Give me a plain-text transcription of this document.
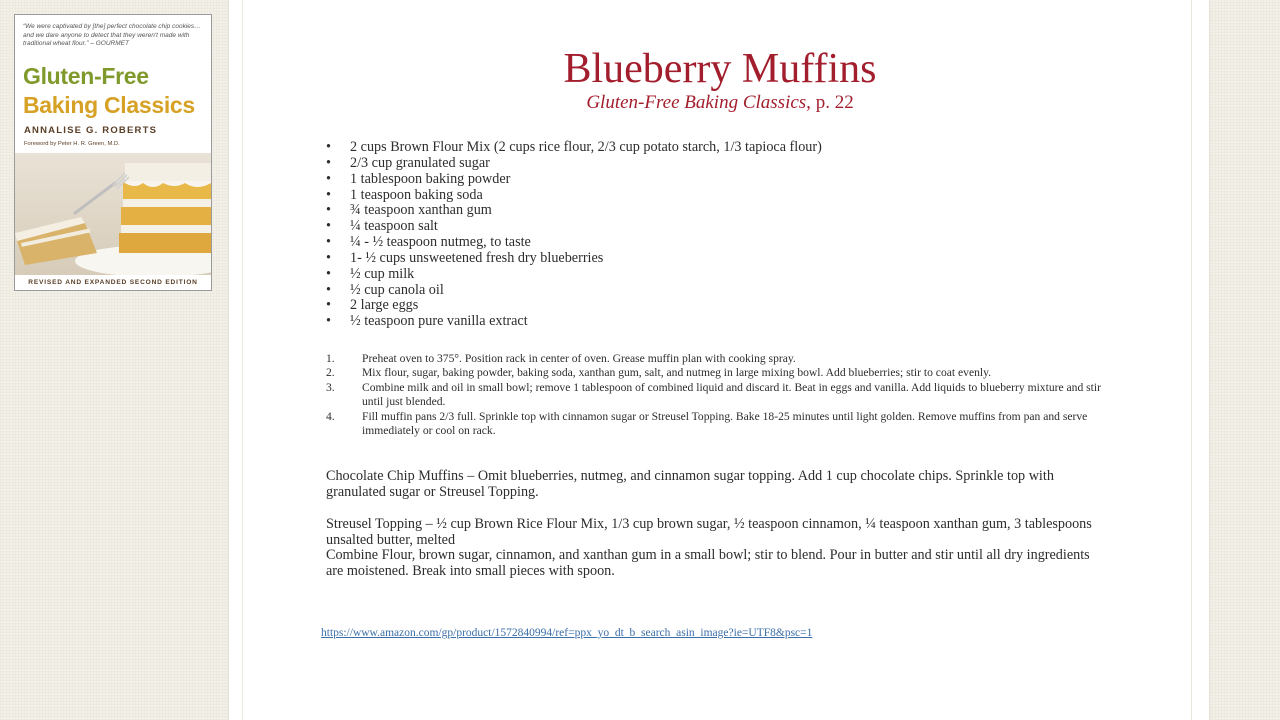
“We were captivated by [the] perfect chocolate chip cookies… and we dare anyone to detect that they weren't made with traditional wheat flour.” – GOURMET
Gluten-Free
Baking Classics
ANNALISE G. ROBERTS
Foreword by Peter H. R. Green, M.D.
REVISED AND EXPANDED SECOND EDITION
Blueberry Muffins
Gluten-Free Baking Classics, p. 22
• 2 cups Brown Flour Mix (2 cups rice flour, 2/3 cup potato starch, 1/3 tapioca flour)
• 2/3 cup granulated sugar
• 1 tablespoon baking powder
• 1 teaspoon baking soda
• ¾ teaspoon xanthan gum
• ¼ teaspoon salt
• ¼ - ½ teaspoon nutmeg, to taste
• 1- ½ cups unsweetened fresh dry blueberries
• ½ cup milk
• ½ cup canola oil
• 2 large eggs
• ½ teaspoon pure vanilla extract
1. Preheat oven to 375°. Position rack in center of oven. Grease muffin plan with cooking spray.
2. Mix flour, sugar, baking powder, baking soda, xanthan gum, salt, and nutmeg in large mixing bowl. Add blueberries; stir to coat evenly.
3. Combine milk and oil in small bowl; remove 1 tablespoon of combined liquid and discard it. Beat in eggs and vanilla. Add liquids to blueberry mixture and stir until just blended.
4. Fill muffin pans 2/3 full. Sprinkle top with cinnamon sugar or Streusel Topping. Bake 18-25 minutes until light golden. Remove muffins from pan and serve immediately or cool on rack.
Chocolate Chip Muffins – Omit blueberries, nutmeg, and cinnamon sugar topping. Add 1 cup chocolate chips. Sprinkle top with granulated sugar or Streusel Topping.
Streusel Topping – ½ cup Brown Rice Flour Mix, 1/3 cup brown sugar, ½ teaspoon cinnamon, ¼ teaspoon xanthan gum, 3 tablespoons unsalted butter, melted
Combine Flour, brown sugar, cinnamon, and xanthan gum in a small bowl; stir to blend. Pour in butter and stir until all dry ingredients are moistened. Break into small pieces with spoon.
https://www.amazon.com/gp/product/1572840994/ref=ppx_yo_dt_b_search_asin_image?ie=UTF8&psc=1
